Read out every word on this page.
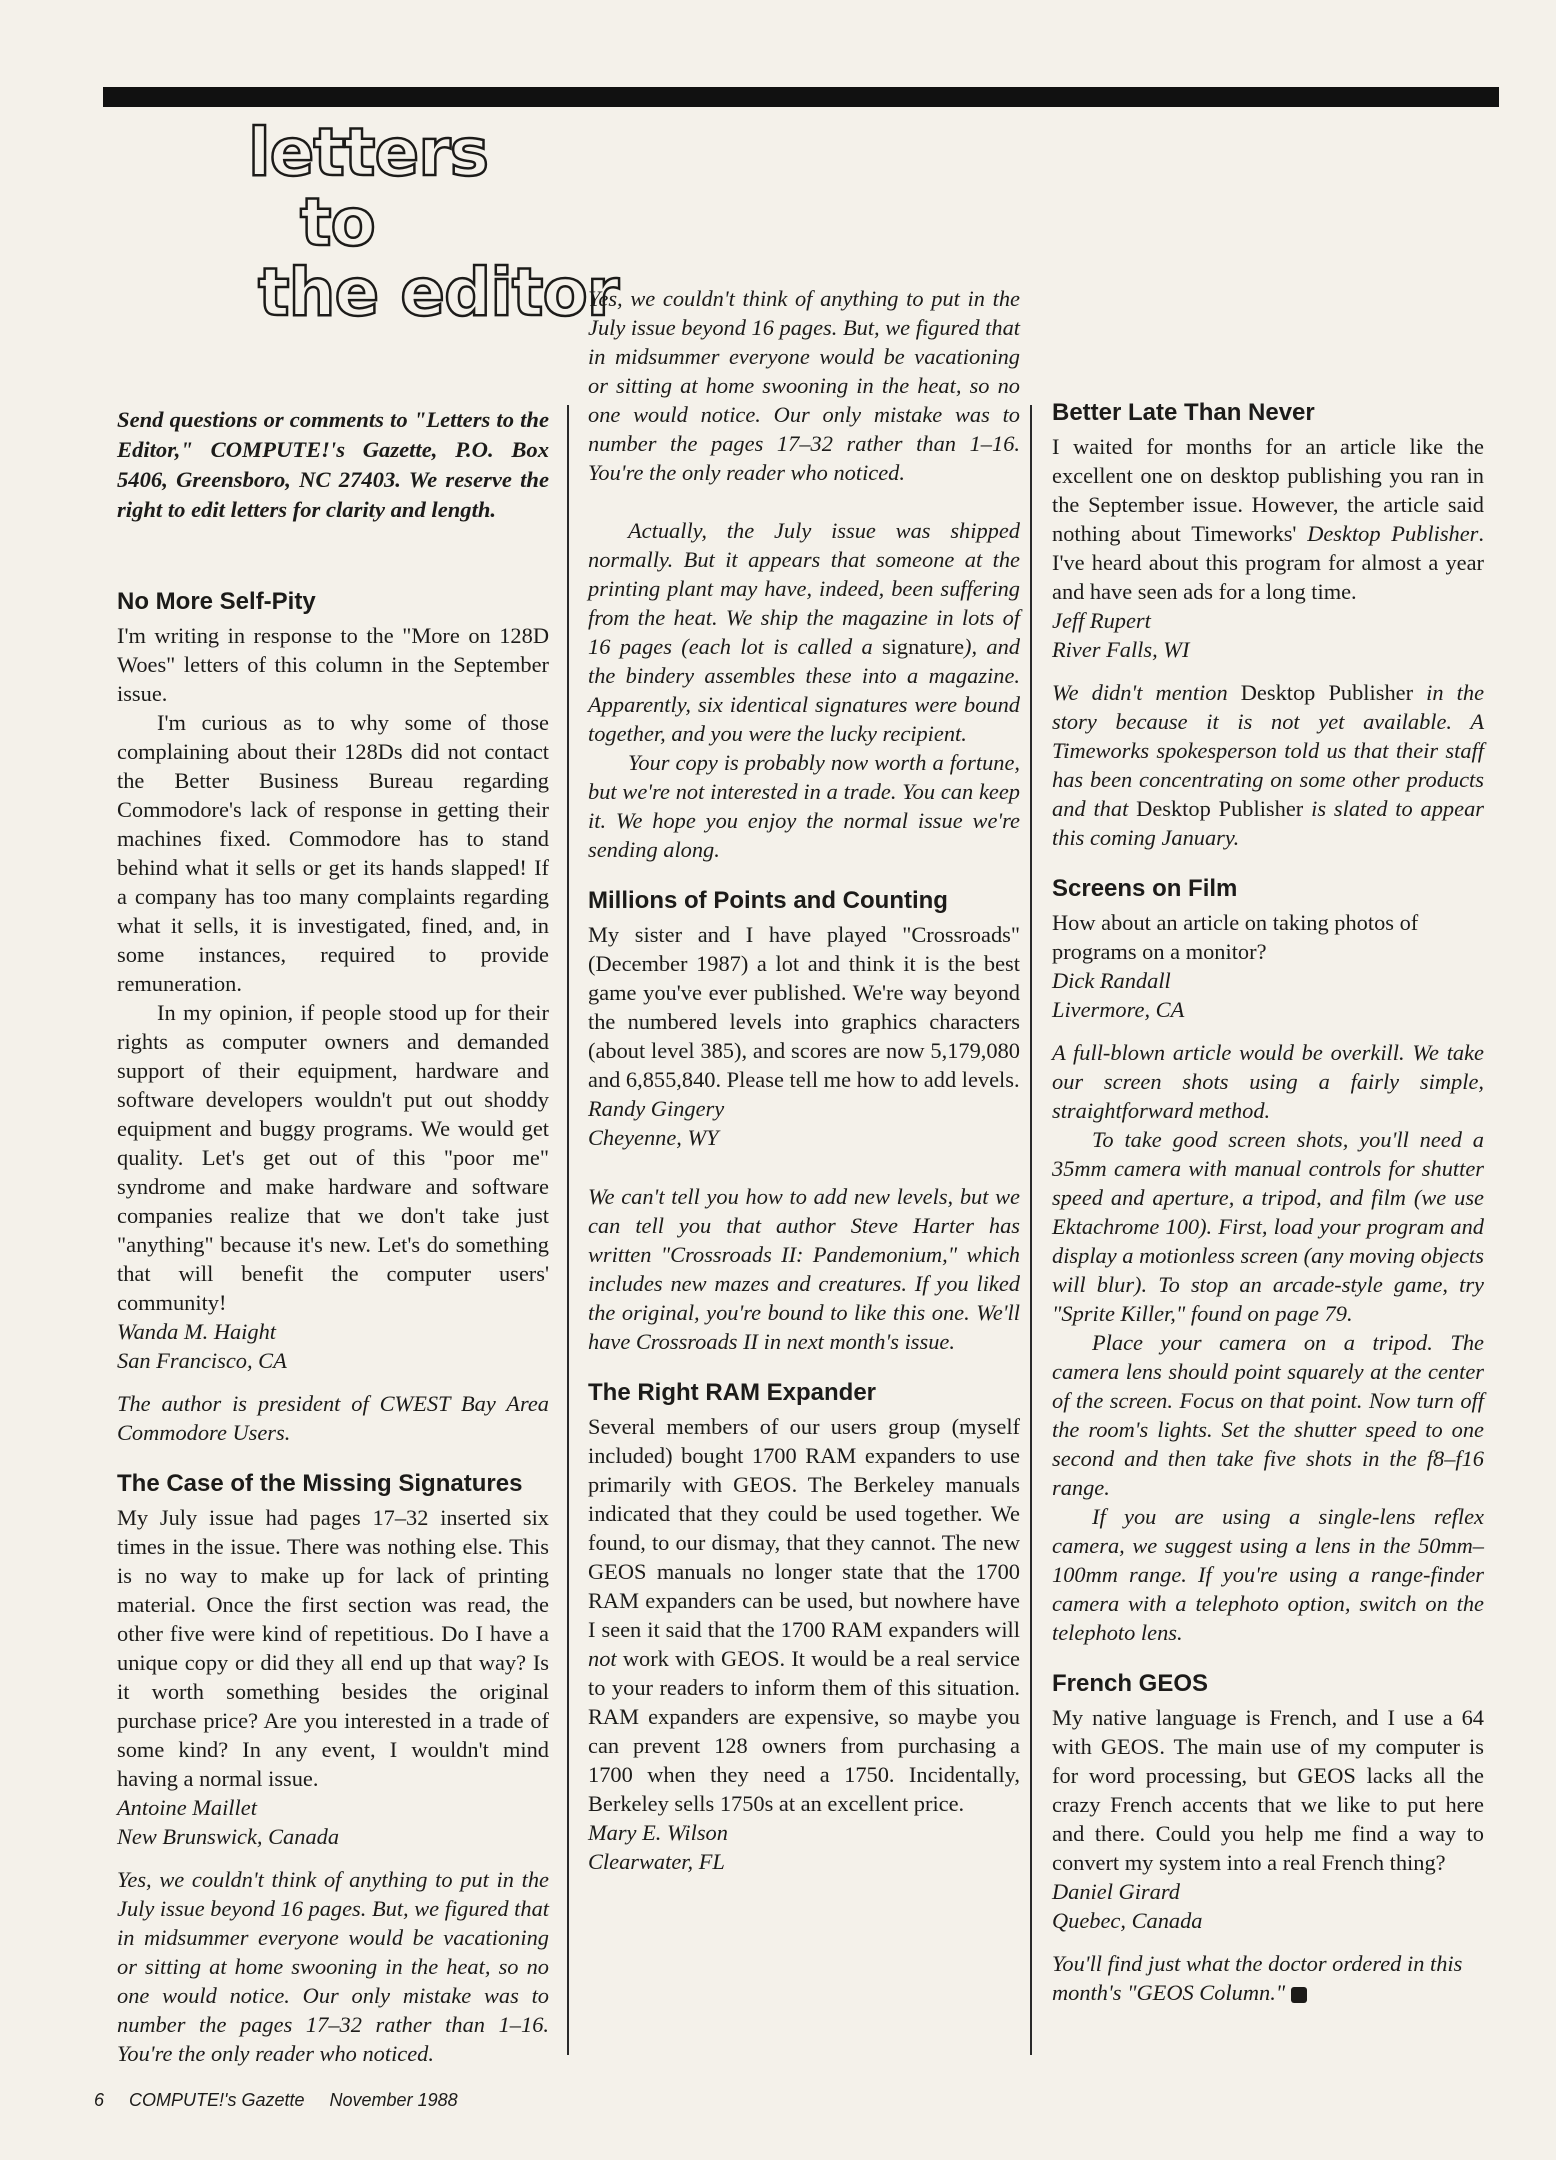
letters
to
the editor

Send questions or comments to "Letters to the Editor," COMPUTE!'s Gazette, P.O. Box 5406, Greensboro, NC 27403. We reserve the right to edit letters for clarity and length.

No More Self-Pity

I'm writing in response to the "More on 128D Woes" letters of this column in the September issue.

I'm curious as to why some of those complaining about their 128Ds did not contact the Better Business Bureau regarding Commodore's lack of response in getting their machines fixed. Commodore has to stand behind what it sells or get its hands slapped! If a company has too many complaints regarding what it sells, it is investigated, fined, and, in some instances, required to provide remuneration.

In my opinion, if people stood up for their rights as computer owners and demanded support of their equipment, hardware and software developers wouldn't put out shoddy equipment and buggy programs. We would get quality. Let's get out of this "poor me" syndrome and make hardware and software companies realize that we don't take just "anything" because it's new. Let's do something that will benefit the computer users' community!

Wanda M. Haight

San Francisco, CA

The author is president of CWEST Bay Area Commodore Users.

The Case of the Missing Signatures

My July issue had pages 17–32 inserted six times in the issue. There was nothing else. This is no way to make up for lack of printing material. Once the first section was read, the other five were kind of repetitious. Do I have a unique copy or did they all end up that way? Is it worth something besides the original purchase price? Are you interested in a trade of some kind? In any event, I wouldn't mind having a normal issue.

Antoine Maillet

New Brunswick, Canada

Yes, we couldn't think of anything to put in the July issue beyond 16 pages. But, we figured that in midsummer everyone would be vacationing or sitting at home swooning in the heat, so no one would notice. Our only mistake was to number the pages 17–32 rather than 1–16. You're the only reader who noticed.

Yes, we couldn't think of anything to put in the July issue beyond 16 pages. But, we figured that in midsummer everyone would be vacationing or sitting at home swooning in the heat, so no one would notice. Our only mistake was to number the pages 17–32 rather than 1–16. You're the only reader who noticed.

Actually, the July issue was shipped normally. But it appears that someone at the printing plant may have, indeed, been suffering from the heat. We ship the magazine in lots of 16 pages (each lot is called a signature), and the bindery assembles these into a magazine. Apparently, six identical signatures were bound together, and you were the lucky recipient.

Your copy is probably now worth a fortune, but we're not interested in a trade. You can keep it. We hope you enjoy the normal issue we're sending along.

Millions of Points and Counting

My sister and I have played "Crossroads" (December 1987) a lot and think it is the best game you've ever published. We're way beyond the numbered levels into graphics characters (about level 385), and scores are now 5,179,080 and 6,855,840. Please tell me how to add levels.

Randy Gingery

Cheyenne, WY

We can't tell you how to add new levels, but we can tell you that author Steve Harter has written "Crossroads II: Pandemonium," which includes new mazes and creatures. If you liked the original, you're bound to like this one. We'll have Crossroads II in next month's issue.

The Right RAM Expander

Several members of our users group (myself included) bought 1700 RAM expanders to use primarily with GEOS. The Berkeley manuals indicated that they could be used together. We found, to our dismay, that they cannot. The new GEOS manuals no longer state that the 1700 RAM expanders can be used, but nowhere have I seen it said that the 1700 RAM expanders will not work with GEOS. It would be a real service to your readers to inform them of this situation. RAM expanders are expensive, so maybe you can prevent 128 owners from purchasing a 1700 when they need a 1750. Incidentally, Berkeley sells 1750s at an excellent price.

Mary E. Wilson

Clearwater, FL

Better Late Than Never

I waited for months for an article like the excellent one on desktop publishing you ran in the September issue. However, the article said nothing about Timeworks' Desktop Publisher. I've heard about this program for almost a year and have seen ads for a long time.

Jeff Rupert

River Falls, WI

We didn't mention Desktop Publisher in the story because it is not yet available. A Timeworks spokesperson told us that their staff has been concentrating on some other products and that Desktop Publisher is slated to appear this coming January.

Screens on Film

How about an article on taking photos of programs on a monitor?

Dick Randall

Livermore, CA

A full-blown article would be overkill. We take our screen shots using a fairly simple, straightforward method.

To take good screen shots, you'll need a 35mm camera with manual controls for shutter speed and aperture, a tripod, and film (we use Ektachrome 100). First, load your program and display a motionless screen (any moving objects will blur). To stop an arcade-style game, try "Sprite Killer," found on page 79.

Place your camera on a tripod. The camera lens should point squarely at the center of the screen. Focus on that point. Now turn off the room's lights. Set the shutter speed to one second and then take five shots in the f8–f16 range.

If you are using a single-lens reflex camera, we suggest using a lens in the 50mm–100mm range. If you're using a range-finder camera with a telephoto option, switch on the telephoto lens.

French GEOS

My native language is French, and I use a 64 with GEOS. The main use of my computer is for word processing, but GEOS lacks all the crazy French accents that we like to put here and there. Could you help me find a way to convert my system into a real French thing?

Daniel Girard

Quebec, Canada

You'll find just what the doctor ordered in this month's "GEOS Column."

6 COMPUTE!'s Gazette November 1988
